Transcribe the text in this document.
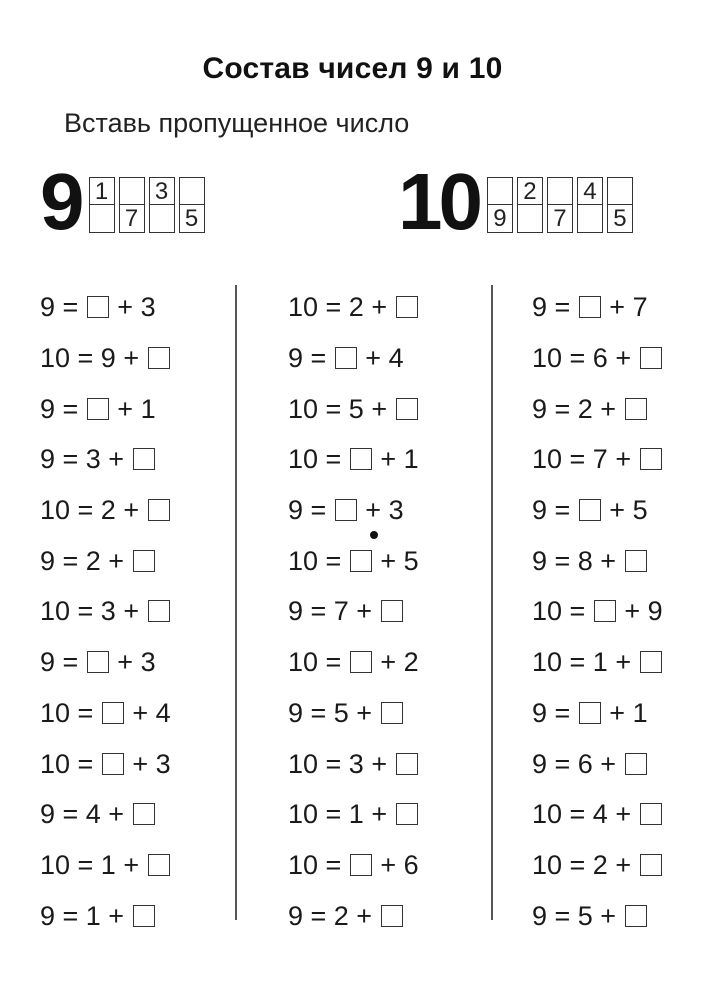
Состав чисел 9 и 10
Вставь пропущенное число
9 1
7
3
5 10 9
2
7
4
5
9 = + 3
10 = 9 +
9 = + 1
9 = 3 +
10 = 2 +
9 = 2 +
10 = 3 +
9 = + 3
10 = + 4
10 = + 3
9 = 4 +
10 = 1 +
9 = 1 +
10 = 2 +
9 = + 4
10 = 5 +
10 = + 1
9 = + 3
10 = + 5
9 = 7 +
10 = + 2
9 = 5 +
10 = 3 +
10 = 1 +
10 = + 6
9 = 2 +
9 = + 7
10 = 6 +
9 = 2 +
10 = 7 +
9 = + 5
9 = 8 +
10 = + 9
10 = 1 +
9 = + 1
9 = 6 +
10 = 4 +
10 = 2 +
9 = 5 +
